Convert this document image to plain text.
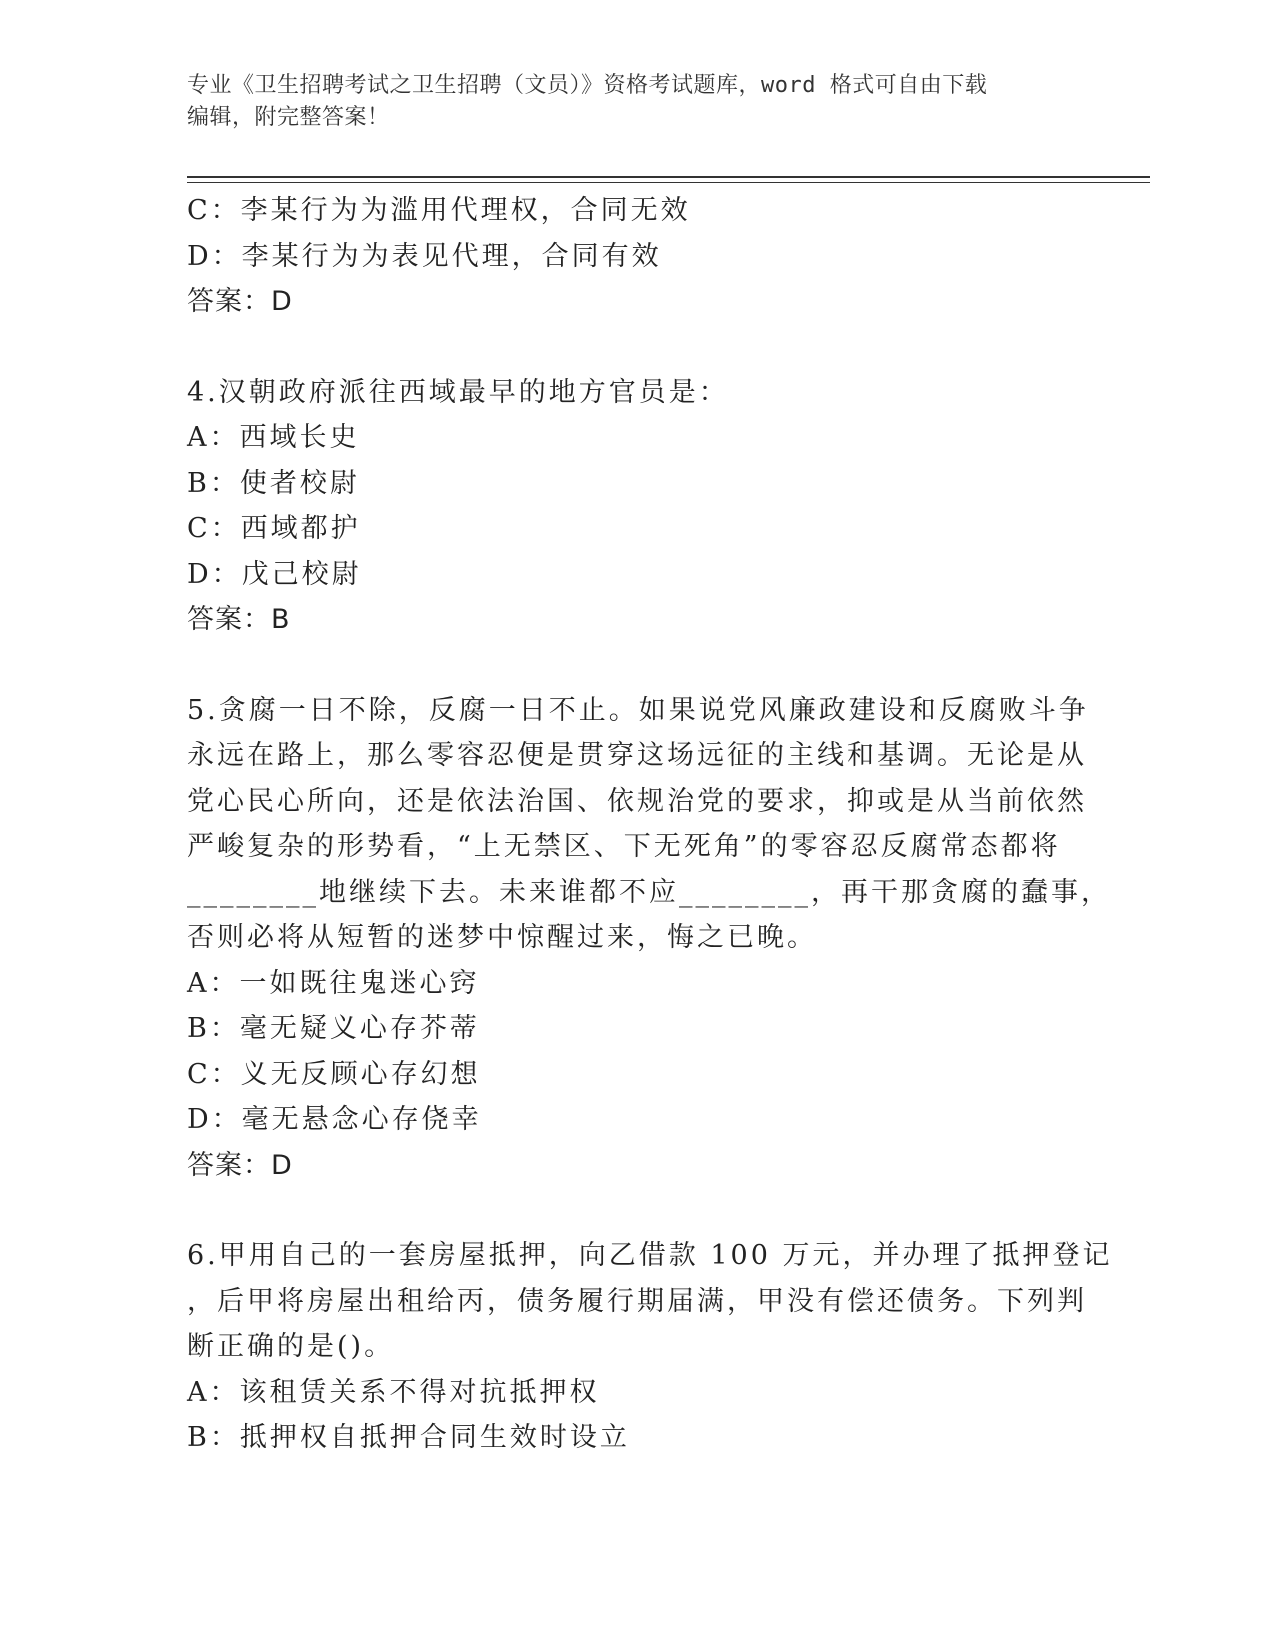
专业《卫生招聘考试之卫生招聘（文员）》资格考试题库，word 格式可自由下载
编辑，附完整答案！
C：李某行为为滥用代理权，合同无效
D：李某行为为表见代理，合同有效
答案：D
4.汉朝政府派往西域最早的地方官员是：
A：西域长史
B：使者校尉
C：西域都护
D：戊己校尉
答案：B
5.贪腐一日不除，反腐一日不止。如果说党风廉政建设和反腐败斗争
永远在路上，那么零容忍便是贯穿这场远征的主线和基调。无论是从
党心民心所向，还是依法治国、依规治党的要求，抑或是从当前依然
严峻复杂的形势看，“上无禁区、下无死角”的零容忍反腐常态都将
________地继续下去。未来谁都不应________，再干那贪腐的蠢事，
否则必将从短暂的迷梦中惊醒过来，悔之已晚。
A：一如既往鬼迷心窍
B：毫无疑义心存芥蒂
C：义无反顾心存幻想
D：毫无悬念心存侥幸
答案：D
6.甲用自己的一套房屋抵押，向乙借款 100 万元，并办理了抵押登记
，后甲将房屋出租给丙，债务履行期届满，甲没有偿还债务。下列判
断正确的是()。
A：该租赁关系不得对抗抵押权
B：抵押权自抵押合同生效时设立
